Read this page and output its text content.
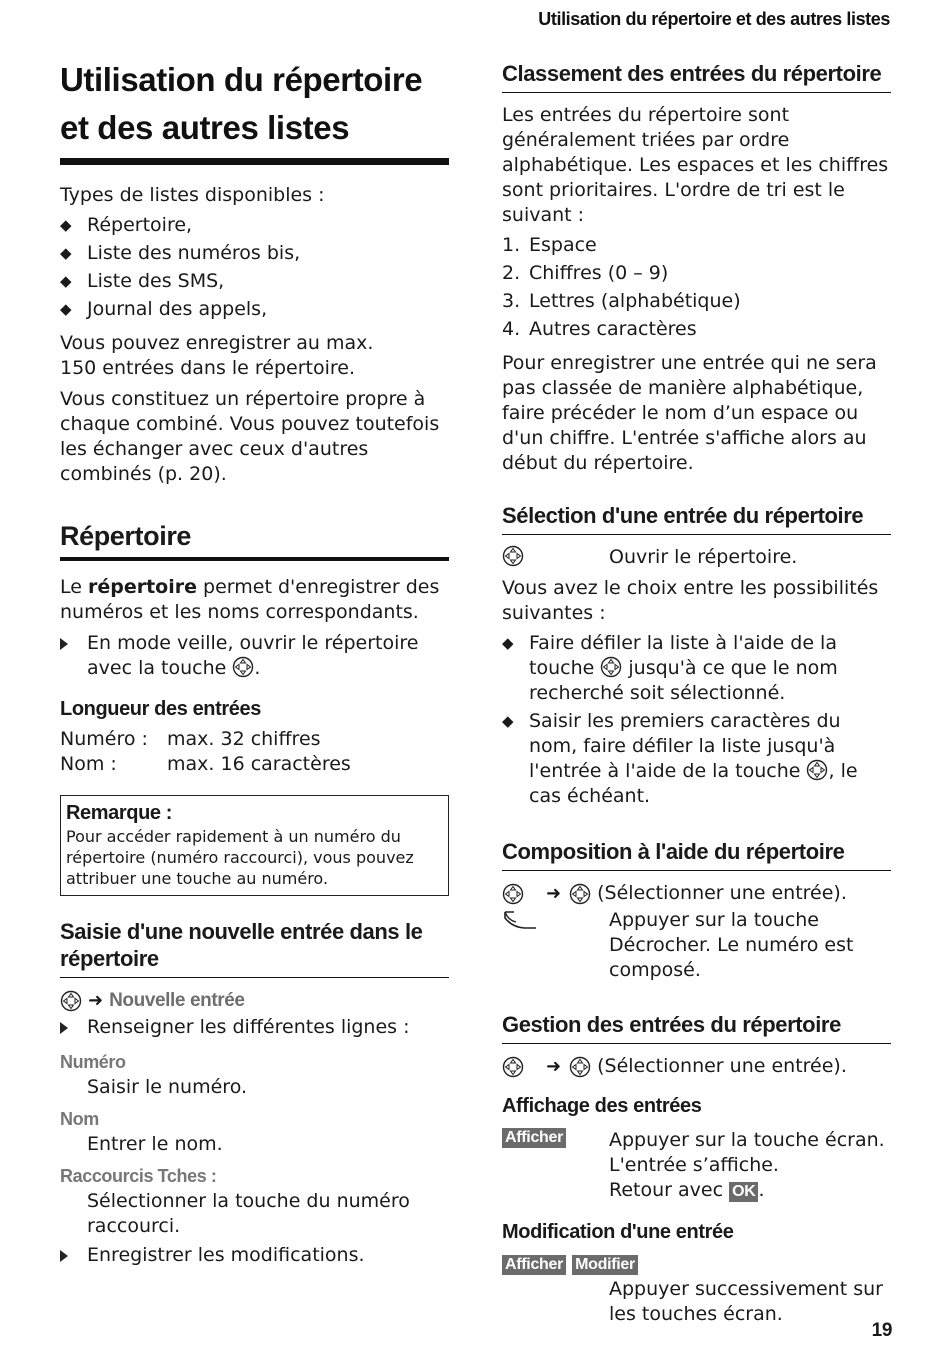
Utilisation du répertoire et des autres listes
Utilisation du répertoire et des autres listes

Types de listes disponibles :

◆ Répertoire,
◆ Liste des numéros bis,
◆ Liste des SMS,
◆ Journal des appels,

Vous pouvez enregistrer au max. 150 entrées dans le répertoire.

Vous constituez un répertoire propre à chaque combiné. Vous pouvez toutefois les échanger avec ceux d'autres combinés (p. 20).

Répertoire

Le répertoire permet d'enregistrer des numéros et les noms correspondants.

En mode veille, ouvrir le répertoire avec la touche .
Longueur des entrées
Numéro :	max. 32 chiffres
Nom :	max. 16 caractères
Remarque :
Pour accéder rapidement à un numéro du répertoire (numéro raccourci), vous pouvez attribuer une touche au numéro.
Saisie d'une nouvelle entrée dans le répertoire
➜ Nouvelle entrée
Renseigner les différentes lignes :
Numéro
Saisir le numéro.
Nom
Entrer le nom.
Raccourcis Tches :
Sélectionner la touche du numéro raccourci.
Enregistrer les modifications.
Classement des entrées du répertoire

Les entrées du répertoire sont généralement triées par ordre alphabétique. Les espaces et les chiffres sont prioritaires. L'ordre de tri est le suivant :

1. Espace
2. Chiffres (0 – 9)
3. Lettres (alphabétique)
4. Autres caractères

Pour enregistrer une entrée qui ne sera pas classée de manière alphabétique, faire précéder le nom d’un espace ou d'un chiffre. L'entrée s'affiche alors au début du répertoire.

Sélection d'une entrée du répertoire
Ouvrir le répertoire.

Vous avez le choix entre les possibilités suivantes :

◆ Faire défiler la liste à l'aide de la touche jusqu'à ce que le nom recherché soit sélectionné.
◆ Saisir les premiers caractères du nom, faire défiler la liste jusqu'à l'entrée à l'aide de la touche , le cas échéant.
Composition à l'aide du répertoire
➜ (Sélectionner une entrée).
Appuyer sur la touche Décrocher. Le numéro est composé.
Gestion des entrées du répertoire
➜ (Sélectionner une entrée).
Affichage des entrées
Afficher Appuyer sur la touche écran.
L'entrée s’affiche.
Retour avec OK .
Modification d'une entrée
Afficher Modifier
Appuyer successivement sur les touches écran.
19
